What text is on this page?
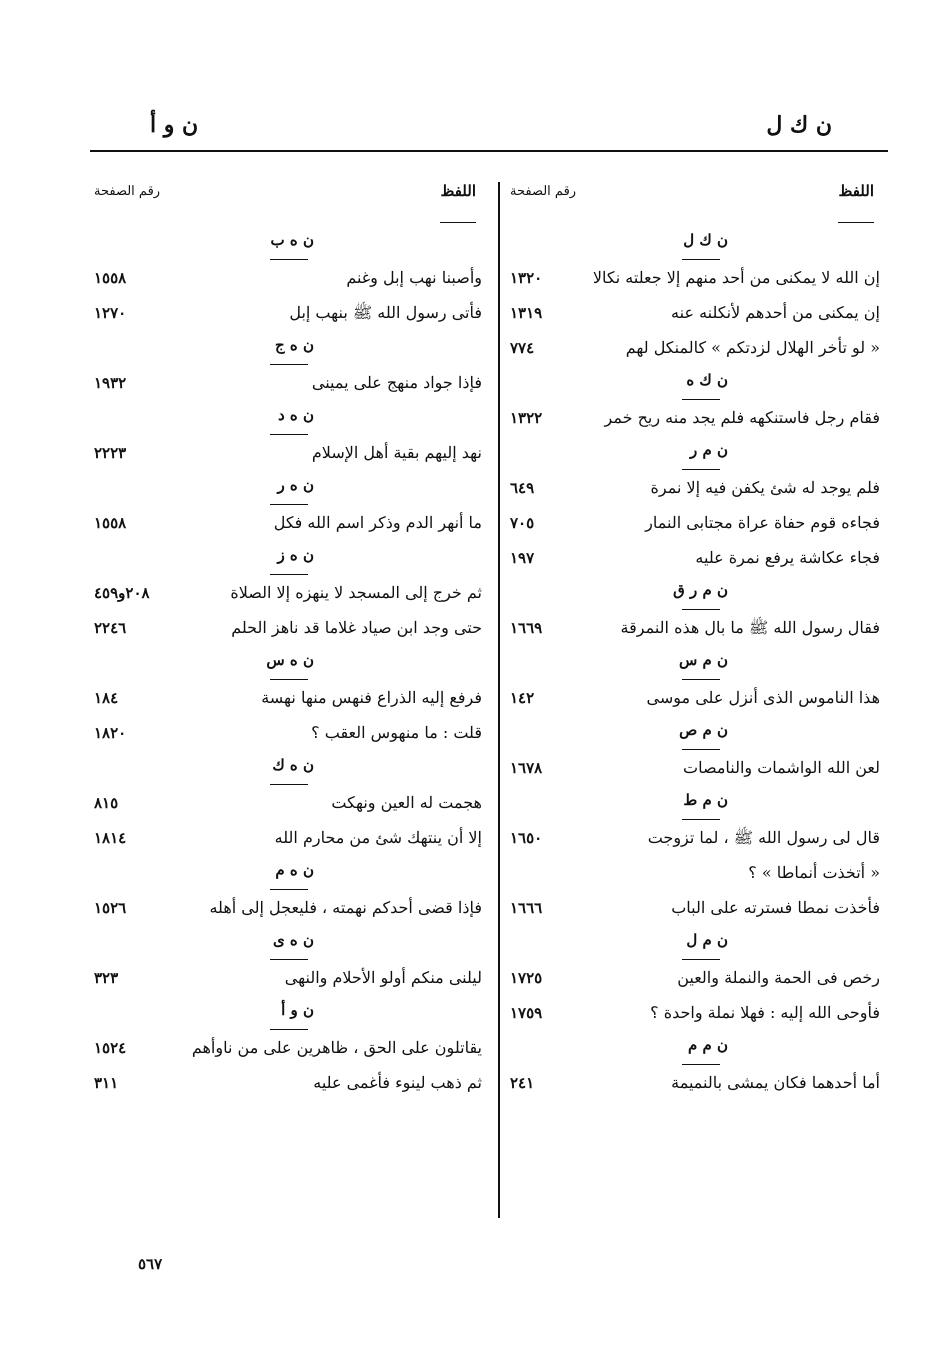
ن ك ل
ن و أ
اللفظ
رقم الصفحة
ن ك ل
إن الله لا يمكنى من أحد منهم إلا جعلته نكالا
١٣٢٠
إن يمكنى من أحدهم لأنكلنه عنه
١٣١٩
« لو تأخر الهلال لزدتكم » كالمنكل لهم
٧٧٤
ن ك ه
فقام رجل فاستنكهه فلم يجد منه ريح خمر
١٣٢٢
ن م ر
فلم يوجد له شئ يكفن فيه إلا نمرة
٦٤٩
فجاءه قوم حفاة عراة مجتابى النمار
٧٠٥
فجاء عكاشة يرفع نمرة عليه
١٩٧
ن م ر ق
فقال رسول الله ﷺ ما بال هذه النمرقة
١٦٦٩
ن م س
هذا الناموس الذى أنزل على موسى
١٤٢
ن م ص
لعن الله الواشمات والنامصات
١٦٧٨
ن م ط
قال لى رسول الله ﷺ ، لما تزوجت
١٦٥٠
« أتخذت أنماطا » ؟
فأخذت نمطا فسترته على الباب
١٦٦٦
ن م ل
رخص فى الحمة والنملة والعين
١٧٢٥
فأوحى الله إليه : فهلا نملة واحدة ؟
١٧٥٩
ن م م
أما أحدهما فكان يمشى بالنميمة
٢٤١
اللفظ
رقم الصفحة
ن ه ب
وأصبنا نهب إبل وغنم
١٥٥٨
فأتى رسول الله ﷺ بنهب إبل
١٢٧٠
ن ه ج
فإذا جواد منهج على يمينى
١٩٣٢
ن ه د
نهد إليهم بقية أهل الإسلام
٢٢٢٣
ن ه ر
ما أنهر الدم وذكر اسم الله فكل
١٥٥٨
ن ه ز
ثم خرج إلى المسجد لا ينهزه إلا الصلاة
٢٠٨و٤٥٩
حتى وجد ابن صياد غلاما قد ناهز الحلم
٢٢٤٦
ن ه س
فرفع إليه الذراع فنهس منها نهسة
١٨٤
قلت : ما منهوس العقب ؟
١٨٢٠
ن ه ك
هجمت له العين ونهكت
٨١٥
إلا أن ينتهك شئ من محارم الله
١٨١٤
ن ه م
فإذا قضى أحدكم نهمته ، فليعجل إلى أهله
١٥٢٦
ن ه ى
ليلنى منكم أولو الأحلام والنهى
٣٢٣
ن و أ
يقاتلون على الحق ، ظاهرين على من ناوأهم
١٥٢٤
ثم ذهب لينوء فأغمى عليه
٣١١
٥٦٧
